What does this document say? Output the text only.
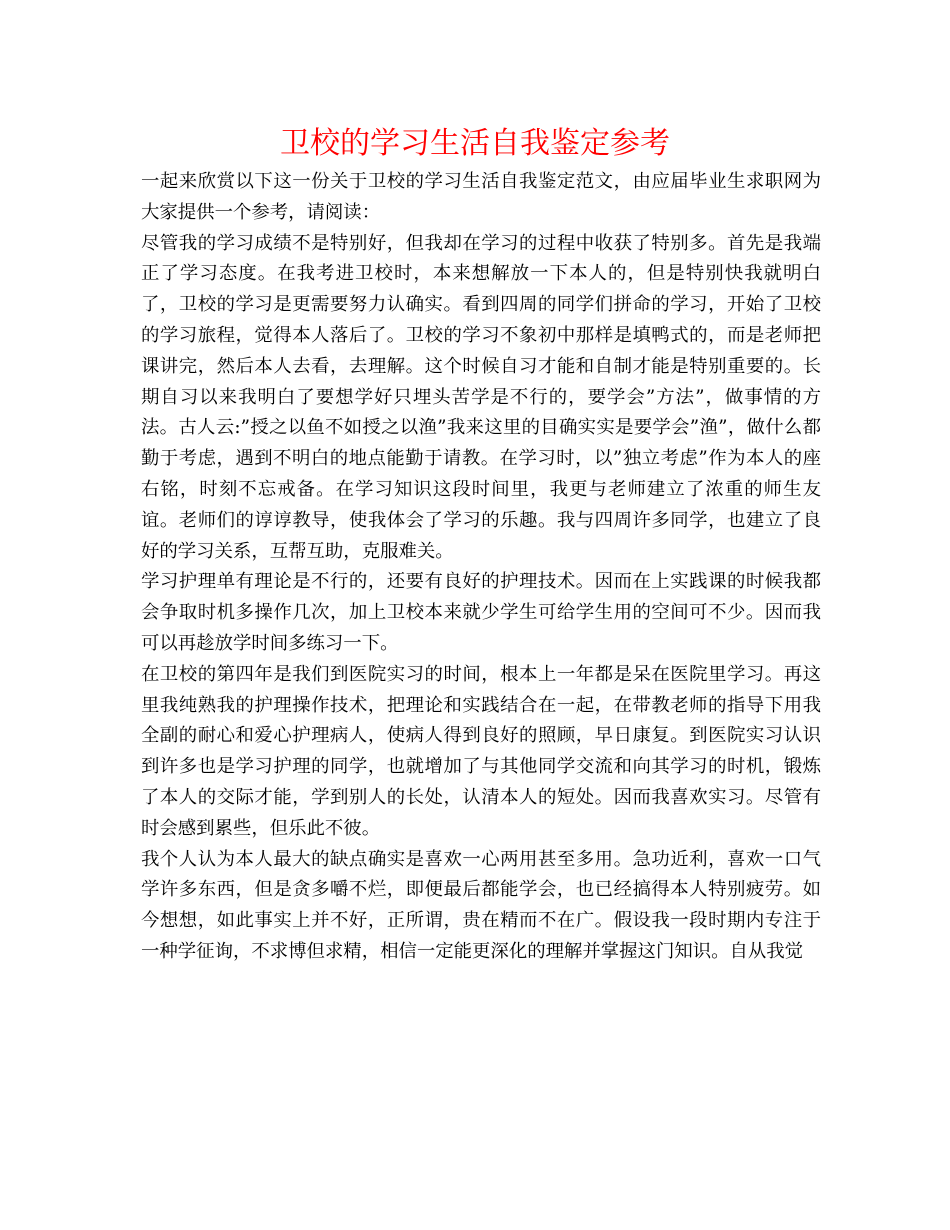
卫校的学习生活自我鉴定参考

一起来欣赏以下这一份关于卫校的学习生活自我鉴定范文，由应届毕业生求职网为大家提供一个参考，请阅读：

尽管我的学习成绩不是特别好，但我却在学习的过程中收获了特别多。首先是我端正了学习态度。在我考进卫校时，本来想解放一下本人的，但是特别快我就明白了，卫校的学习是更需要努力认确实。看到四周的同学们拼命的学习，开始了卫校的学习旅程，觉得本人落后了。卫校的学习不象初中那样是填鸭式的，而是老师把课讲完，然后本人去看，去理解。这个时候自习才能和自制才能是特别重要的。长期自习以来我明白了要想学好只埋头苦学是不行的，要学会”方法”，做事情的方法。古人云:”授之以鱼不如授之以渔”我来这里的目确实实是要学会”渔”，做什么都勤于考虑，遇到不明白的地点能勤于请教。在学习时，以”独立考虑”作为本人的座右铭，时刻不忘戒备。在学习知识这段时间里，我更与老师建立了浓重的师生友谊。老师们的谆谆教导，使我体会了学习的乐趣。我与四周许多同学，也建立了良好的学习关系，互帮互助，克服难关。

学习护理单有理论是不行的，还要有良好的护理技术。因而在上实践课的时候我都会争取时机多操作几次，加上卫校本来就少学生可给学生用的空间可不少。因而我可以再趁放学时间多练习一下。

在卫校的第四年是我们到医院实习的时间，根本上一年都是呆在医院里学习。再这里我纯熟我的护理操作技术，把理论和实践结合在一起，在带教老师的指导下用我全副的耐心和爱心护理病人，使病人得到良好的照顾，早日康复。到医院实习认识到许多也是学习护理的同学，也就增加了与其他同学交流和向其学习的时机，锻炼了本人的交际才能，学到别人的长处，认清本人的短处。因而我喜欢实习。尽管有时会感到累些，但乐此不彼。

我个人认为本人最大的缺点确实是喜欢一心两用甚至多用。急功近利，喜欢一口气学许多东西，但是贪多嚼不烂，即便最后都能学会，也已经搞得本人特别疲劳。如今想想，如此事实上并不好，正所谓，贵在精而不在广。假设我一段时期内专注于一种学征询，不求博但求精，相信一定能更深化的理解并掌握这门知识。自从我觉
